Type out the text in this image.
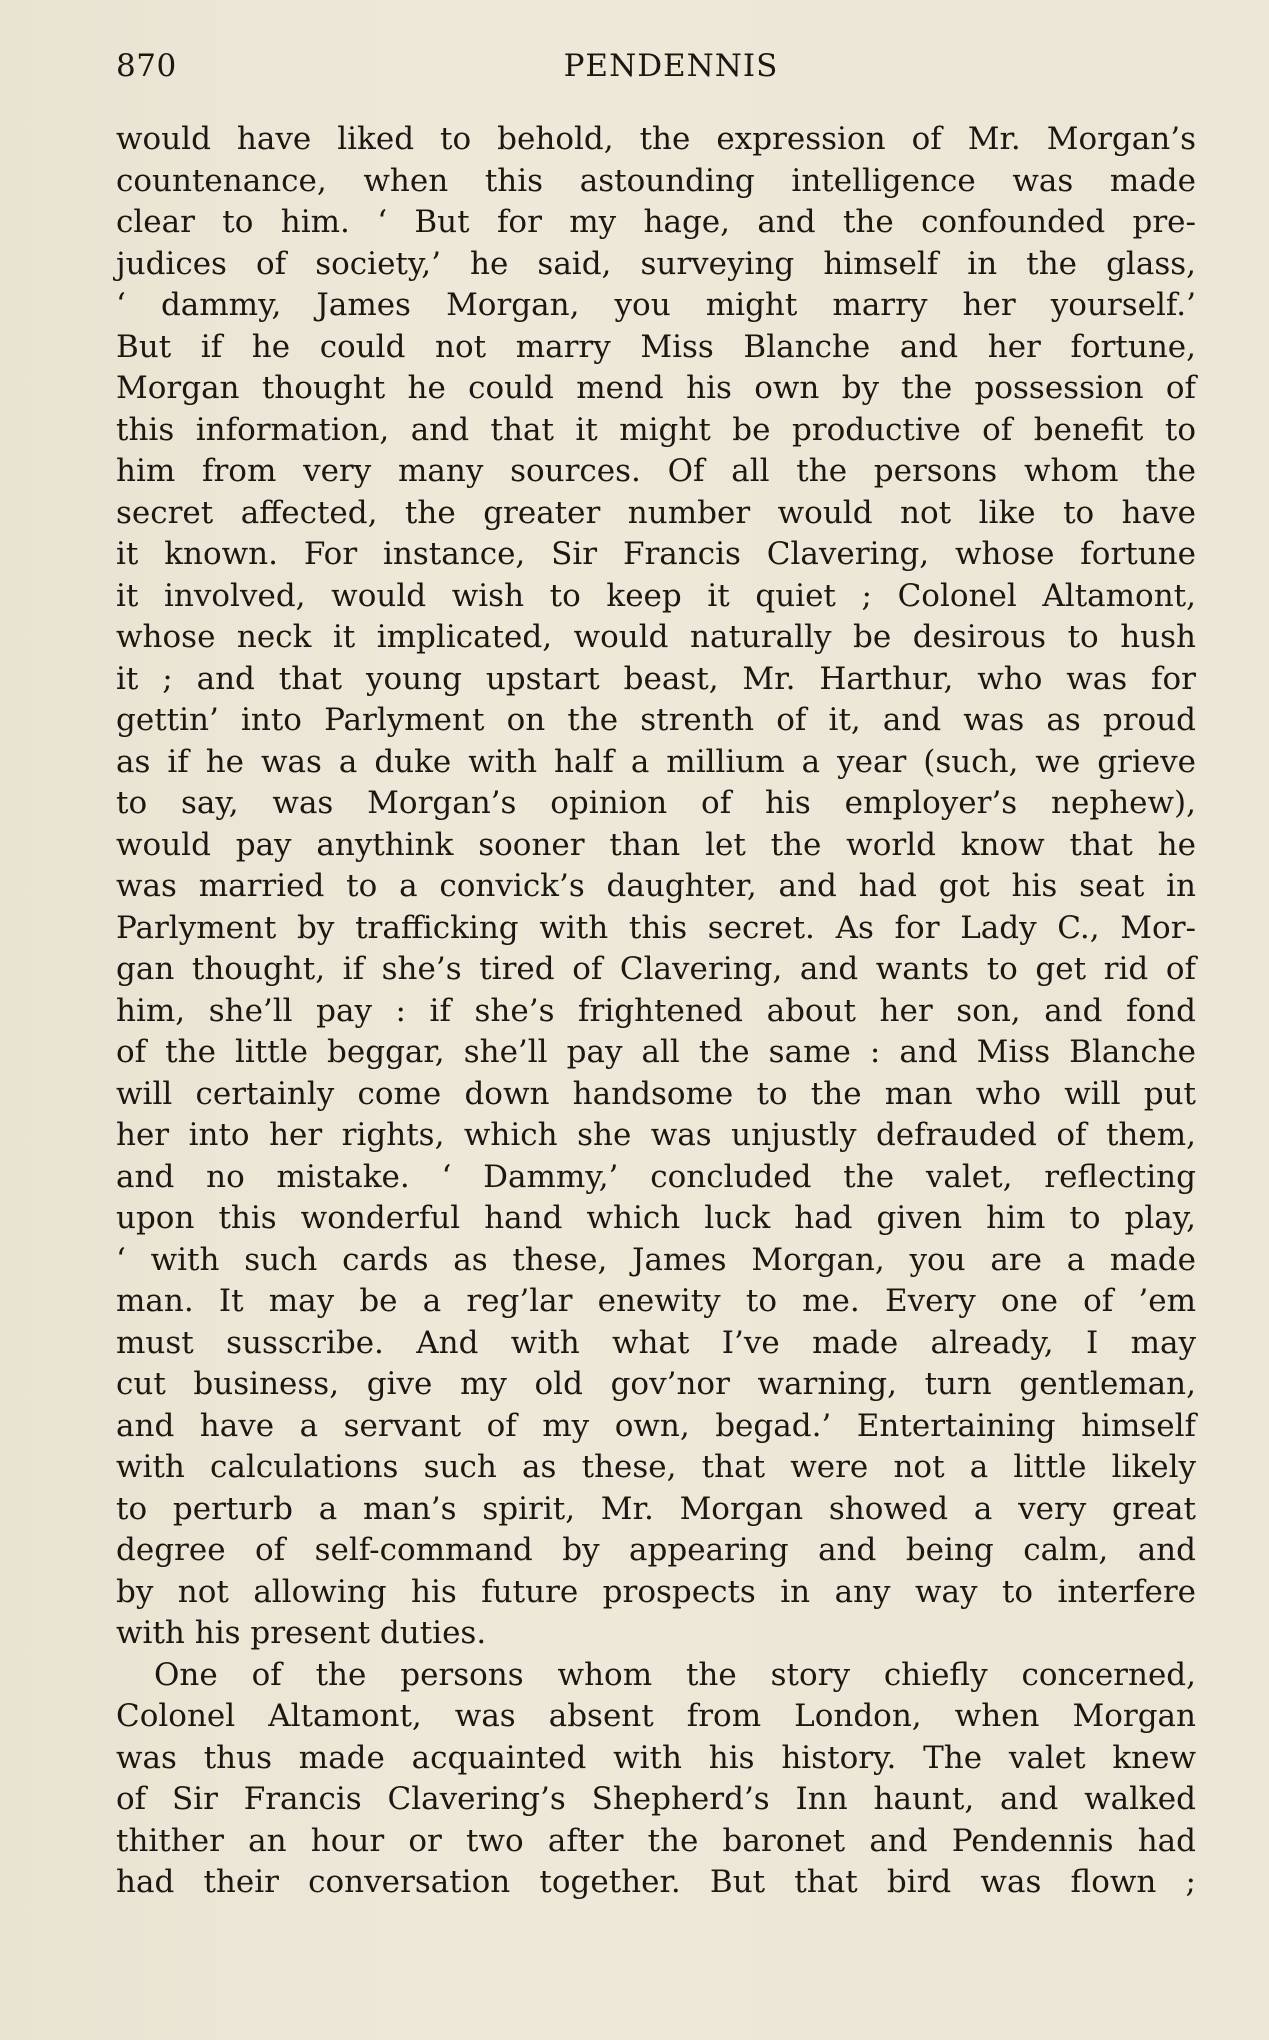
870	PENDENNIS
would have liked to behold, the expression of Mr. Morgan’s
countenance, when this astounding intelligence was made
clear to him. ‘ But for my hage, and the confounded pre-
judices of society,’ he said, surveying himself in the glass,
‘ dammy, James Morgan, you might marry her yourself.’
But if he could not marry Miss Blanche and her fortune,
Morgan thought he could mend his own by the possession of
this information, and that it might be productive of benefit to
him from very many sources. Of all the persons whom the
secret affected, the greater number would not like to have
it known. For instance, Sir Francis Clavering, whose fortune
it involved, would wish to keep it quiet ; Colonel Altamont,
whose neck it implicated, would naturally be desirous to hush
it ; and that young upstart beast, Mr. Harthur, who was for
gettin’ into Parlyment on the strenth of it, and was as proud
as if he was a duke with half a millium a year (such, we grieve
to say, was Morgan’s opinion of his employer’s nephew),
would pay anythink sooner than let the world know that he
was married to a convick’s daughter, and had got his seat in
Parlyment by trafficking with this secret. As for Lady C., Mor-
gan thought, if she’s tired of Clavering, and wants to get rid of
him, she’ll pay : if she’s frightened about her son, and fond
of the little beggar, she’ll pay all the same : and Miss Blanche
will certainly come down handsome to the man who will put
her into her rights, which she was unjustly defrauded of them,
and no mistake. ‘ Dammy,’ concluded the valet, reflecting
upon this wonderful hand which luck had given him to play,
‘ with such cards as these, James Morgan, you are a made
man. It may be a reg’lar enewity to me. Every one of ’em
must susscribe. And with what I’ve made already, I may
cut business, give my old gov’nor warning, turn gentleman,
and have a servant of my own, begad.’ Entertaining himself
with calculations such as these, that were not a little likely
to perturb a man’s spirit, Mr. Morgan showed a very great
degree of self-command by appearing and being calm, and
by not allowing his future prospects in any way to interfere
with his present duties.
One of the persons whom the story chiefly concerned,
Colonel Altamont, was absent from London, when Morgan
was thus made acquainted with his history. The valet knew
of Sir Francis Clavering’s Shepherd’s Inn haunt, and walked
thither an hour or two after the baronet and Pendennis had
had their conversation together. But that bird was flown ;
